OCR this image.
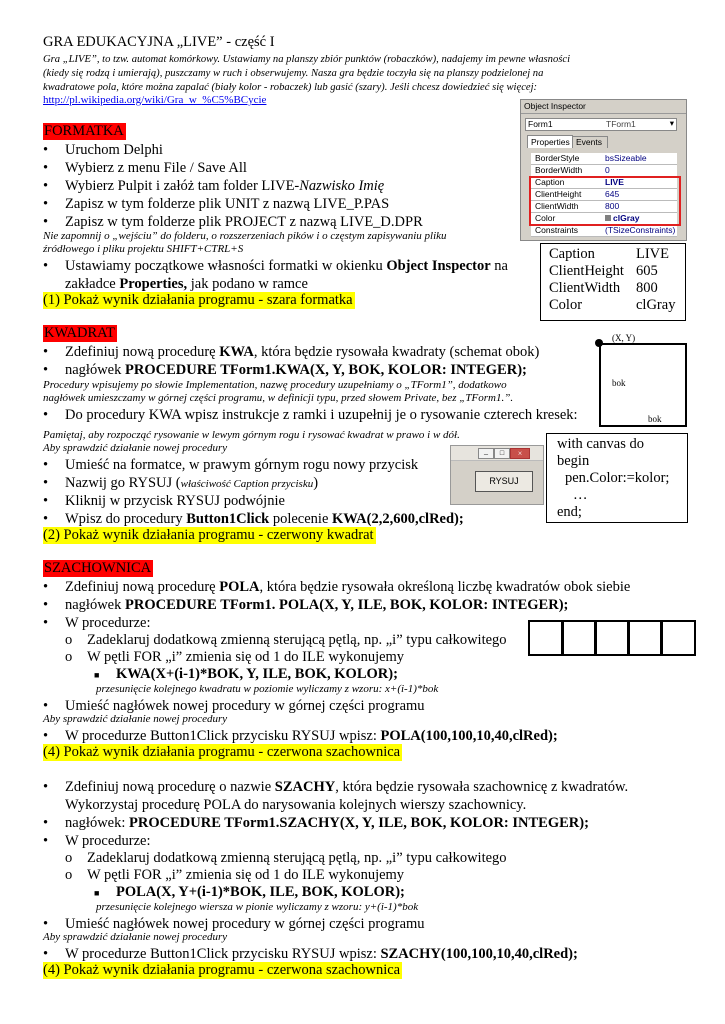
GRA EDUKACYJNA „LIVE” - część I
Gra „LIVE”, to tzw. automat komórkowy. Ustawiamy na planszy zbiór punktów (robaczków), nadajemy im pewne własności
(kiedy się rodzą i umierają), puszczamy w ruch i obserwujemy. Nasza gra będzie toczyła się na planszy podzielonej na
kwadratowe pola, które można zapalać (biały kolor - robaczek) lub gasić (szary). Jeśli chcesz dowiedzieć się więcej:
http://pl.wikipedia.org/wiki/Gra_w_%C5%BCycie	Object Inspector
Form1	TForm1	▾
Properties Events
BorderStyle	bsSizeable
BorderWidth	0
Caption	LIVE
ClientHeight	645
ClientWidth	800
Color	clGray
Constraints	(TSizeConstraints)
Caption	LIVE
ClientHeight 605
ClientWidth 800
Color	clGray
FORMATKA
• Uruchom Delphi
• Wybierz z menu File / Save All
• Wybierz Pulpit i załóż tam folder LIVE-Nazwisko Imię
• Zapisz w tym folderze plik UNIT z nazwą LIVE_P.PAS
• Zapisz w tym folderze plik PROJECT z nazwą LIVE_D.DPR
Nie zapomnij o „wejściu” do folderu, o rozszerzeniach pików i o częstym zapisywaniu pliku
źródłowego i pliku projektu SHIFT+CTRL+S
• Ustawiamy początkowe własności formatki w okienku Object Inspector na
zakładce Properties, jak podano w ramce
(1) Pokaż wynik działania programu - szara formatka
KWADRAT
• Zdefiniuj nową procedurę KWA, która będzie rysowała kwadraty (schemat obok)
• nagłówek PROCEDURE TForm1.KWA(X, Y, BOK, KOLOR: INTEGER);
Procedury wpisujemy po słowie Implementation, nazwę procedury uzupełniamy o „TForm1”, dodatkowo
nagłówek umieszczamy w górnej części programu, w definicji typu, przed słowem Private, bez „TForm1.”.
• Do procedury KWA wpisz instrukcje z ramki i uzupełnij je o rysowanie czterech kresek:
Pamiętaj, aby rozpocząć rysowanie w lewym górnym rogu i rysować kwadrat w prawo i w dół.
Aby sprawdzić działanie nowej procedury
• Umieść na formatce, w prawym górnym rogu nowy przycisk
• Nazwij go RYSUJ (właściwość Caption przycisku)
• Kliknij w przycisk RYSUJ podwójnie
• Wpisz do procedury Button1Click polecenie KWA(2,2,600,clRed);
(2) Pokaż wynik działania programu - czerwony kwadrat
(X, Y)
bok
bok
with canvas do
begin
pen.Color:=kolor;
…
end;
–	□	×
RYSUJ
SZACHOWNICA
• Zdefiniuj nową procedurę POLA, która będzie rysowała określoną liczbę kwadratów obok siebie
• nagłówek PROCEDURE TForm1. POLA(X, Y, ILE, BOK, KOLOR: INTEGER);
• W procedurze:
o Zadeklaruj dodatkową zmienną sterującą pętlą, np. „i” typu całkowitego
o W pętli FOR „i” zmienia się od 1 do ILE wykonujemy
■ KWA(X+(i-1)*BOK, Y, ILE, BOK, KOLOR);
przesunięcie kolejnego kwadratu w poziomie wyliczamy z wzoru: x+(i-1)*bok
• Umieść nagłówek nowej procedury w górnej części programu
Aby sprawdzić działanie nowej procedury
• W procedurze Button1Click przycisku RYSUJ wpisz: POLA(100,100,10,40,clRed);
(4) Pokaż wynik działania programu - czerwona szachownica
• Zdefiniuj nową procedurę o nazwie SZACHY, która będzie rysowała szachownicę z kwadratów.
Wykorzystaj procedurę POLA do narysowania kolejnych wierszy szachownicy.
• nagłówek: PROCEDURE TForm1.SZACHY(X, Y, ILE, BOK, KOLOR: INTEGER);
• W procedurze:
o Zadeklaruj dodatkową zmienną sterującą pętlą, np. „i” typu całkowitego
o W pętli FOR „i” zmienia się od 1 do ILE wykonujemy
■ POLA(X, Y+(i-1)*BOK, ILE, BOK, KOLOR);
przesunięcie kolejnego wiersza w pionie wyliczamy z wzoru: y+(i-1)*bok
• Umieść nagłówek nowej procedury w górnej części programu
Aby sprawdzić działanie nowej procedury
• W procedurze Button1Click przycisku RYSUJ wpisz: SZACHY(100,100,10,40,clRed);
(4) Pokaż wynik działania programu - czerwona szachownica
